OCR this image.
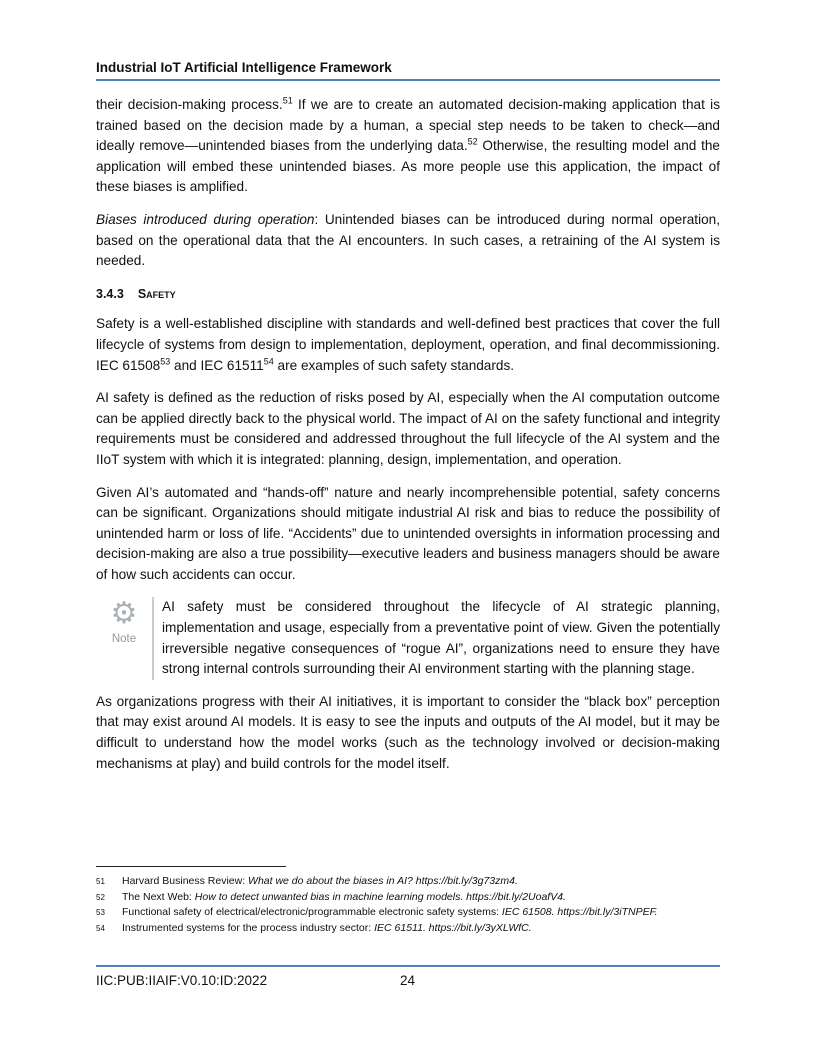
Industrial IoT Artificial Intelligence Framework

their decision-making process.$^{51}$ If we are to create an automated decision-making application that is trained based on the decision made by a human, a special step needs to be taken to check—and ideally remove—unintended biases from the underlying data.$^{52}$ Otherwise, the resulting model and the application will embed these unintended biases. As more people use this application, the impact of these biases is amplified.

Biases introduced during operation: Unintended biases can be introduced during normal operation, based on the operational data that the AI encounters. In such cases, a retraining of the AI system is needed.

3.4.3 Safety

Safety is a well-established discipline with standards and well-defined best practices that cover the full lifecycle of systems from design to implementation, deployment, operation, and final decommissioning. IEC 61508$^{53}$ and IEC 61511$^{54}$ are examples of such safety standards.

AI safety is defined as the reduction of risks posed by AI, especially when the AI computation outcome can be applied directly back to the physical world. The impact of AI on the safety functional and integrity requirements must be considered and addressed throughout the full lifecycle of the AI system and the IIoT system with which it is integrated: planning, design, implementation, and operation.

Given AI’s automated and “hands-off” nature and nearly incomprehensible potential, safety concerns can be significant. Organizations should mitigate industrial AI risk and bias to reduce the possibility of unintended harm or loss of life. “Accidents” due to unintended oversights in information processing and decision-making are also a true possibility—executive leaders and business managers should be aware of how such accidents can occur.

⚙
Note
AI safety must be considered throughout the lifecycle of AI strategic planning, implementation and usage, especially from a preventative point of view. Given the potentially irreversible negative consequences of “rogue AI”, organizations need to ensure they have strong internal controls surrounding their AI environment starting with the planning stage.

As organizations progress with their AI initiatives, it is important to consider the “black box” perception that may exist around AI models. It is easy to see the inputs and outputs of the AI model, but it may be difficult to understand how the model works (such as the technology involved or decision-making mechanisms at play) and build controls for the model itself.

51	Harvard Business Review: What we do about the biases in AI? https://bit.ly/3g73zm4.
52	The Next Web: How to detect unwanted bias in machine learning models. https://bit.ly/2UoafV4.
53	Functional safety of electrical/electronic/programmable electronic safety systems: IEC 61508. https://bit.ly/3iTNPEF.
54	Instrumented systems for the process industry sector: IEC 61511. https://bit.ly/3yXLWfC.
IIC:PUB:IIAIF:V0.10:ID:2022	24
